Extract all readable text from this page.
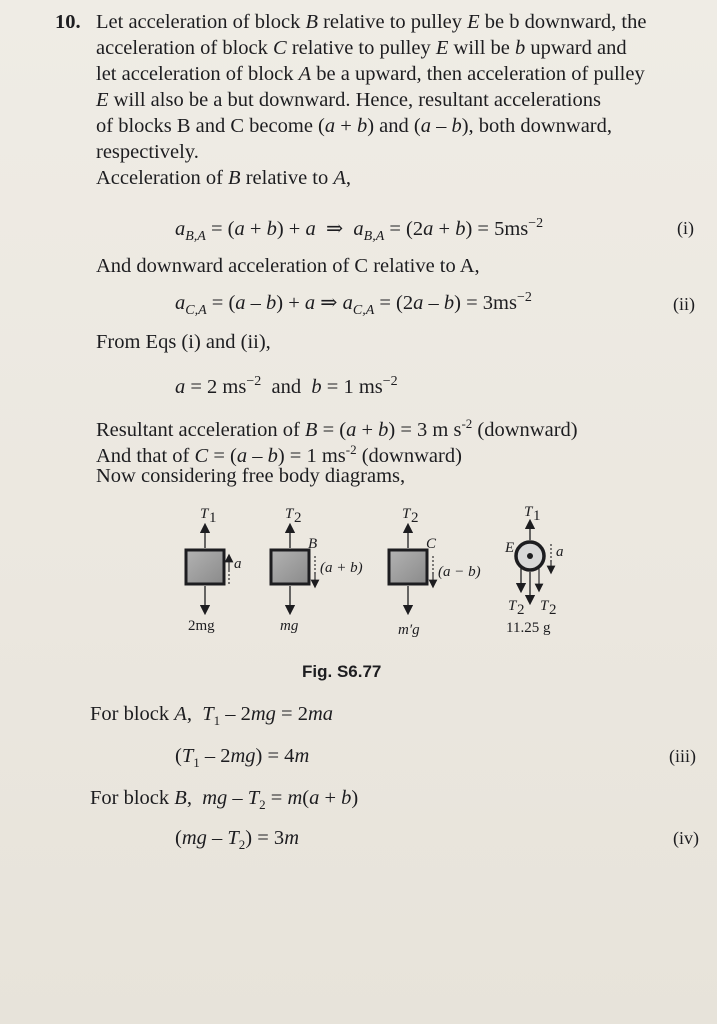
10. Let acceleration of block B relative to pulley E be b downward, the
acceleration of block C relative to pulley E will be b upward and
let acceleration of block A be a upward, then acceleration of pulley
E will also be a but downward. Hence, resultant accelerations
of blocks B and C become (a + b) and (a – b), both downward,
respectively.
Acceleration of B relative to A,
$a_{B,A} = (a + b) + a$  ⇒  $a_{B,A} = (2a + b) = 5ms^{-2}$	(i)
And downward acceleration of C relative to A,
$a_{C,A} = (a - b) + a$ ⇒ $a_{C,A} = (2a - b) = 3ms^{-2}$	(ii)
From Eqs (i) and (ii),
a = 2 $ms^{-2}$  and  b = 1 $ms^{-2}$
Resultant acceleration of B = (a + b) = 3 m $s^{-2}$ (downward)
And that of C = (a – b) = 1 $ms^{-2}$ (downward)
Now considering free body diagrams,
T 1
a
2mg
T 2
B
(a + b)
mg
T 2
C
(a − b)
m′g
T 1
E	a
T 2 T 2
11.25 g
Fig. S6.77
For block A,  $T_1 - 2mg = 2ma$
$(T_1 - 2mg) = 4m$	(iii)
For block B,  mg – $T_2 = m(a + b)$
$(mg - T_2) = 3m$	(iv)
